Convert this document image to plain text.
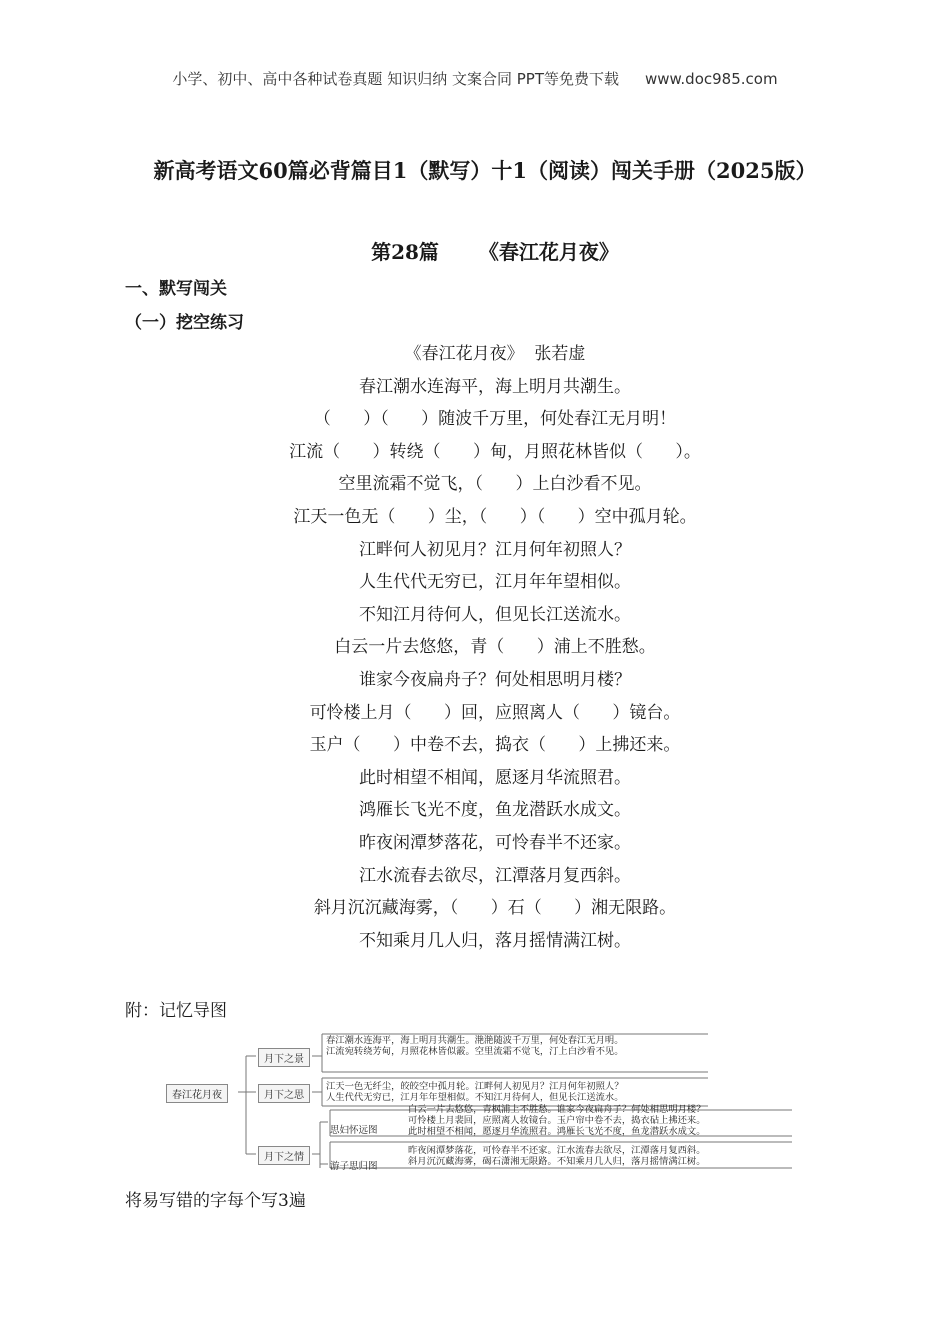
小学、初中、高中各种试卷真题 知识归纳 文案合同 PPT等免费下载 www.doc985.com
新高考语文60篇必背篇目1（默写）十1（阅读）闯关手册（2025版）
第28篇 《春江花月夜》
一、默写闯关
（一）挖空练习
《春江花月夜》  张若虚
春江潮水连海平，海上明月共潮生。
（      ）（      ）随波千万里，何处春江无月明！
江流（      ）转绕（      ）甸，月照花林皆似（      ）。
空里流霜不觉飞，（      ）上白沙看不见。
江天一色无（      ）尘，（      ）（      ）空中孤月轮。
江畔何人初见月？江月何年初照人？
人生代代无穷已，江月年年望相似。
不知江月待何人，但见长江送流水。
白云一片去悠悠，青（      ）浦上不胜愁。
谁家今夜扁舟子？何处相思明月楼？
可怜楼上月（      ）回，应照离人（      ）镜台。
玉户（      ）中卷不去，捣衣（      ）上拂还来。
此时相望不相闻，愿逐月华流照君。
鸿雁长飞光不度，鱼龙潜跃水成文。
昨夜闲潭梦落花，可怜春半不还家。
江水流春去欲尽，江潭落月复西斜。
斜月沉沉藏海雾，（      ）石（      ）湘无限路。
不知乘月几人归，落月摇情满江树。
附：记忆导图
春江花月夜
月下之景
春江潮水连海平，海上明月共潮生。滟滟随波千万里，何处春江无月明。
江流宛转绕芳甸，月照花林皆似霰。空里流霜不觉飞，汀上白沙看不见。
月下之思
江天一色无纤尘，皎皎空中孤月轮。江畔何人初见月？江月何年初照人？
人生代代无穷已，江月年年望相似。不知江月待何人，但见长江送流水。
月下之情
思妇怀远图
白云一片去悠悠，青枫浦上不胜愁。谁家今夜扁舟子？何处相思明月楼？
可怜楼上月裴回，应照离人妆镜台。玉户帘中卷不去，捣衣砧上拂还来。
此时相望不相闻，愿逐月华流照君。鸿雁长飞光不度，鱼龙潜跃水成文。
游子思归图
昨夜闲潭梦落花，可怜春半不还家。江水流春去欲尽，江潭落月复西斜。
斜月沉沉藏海雾，碣石潇湘无限路。不知乘月几人归，落月摇情满江树。
将易写错的字每个写3遍
